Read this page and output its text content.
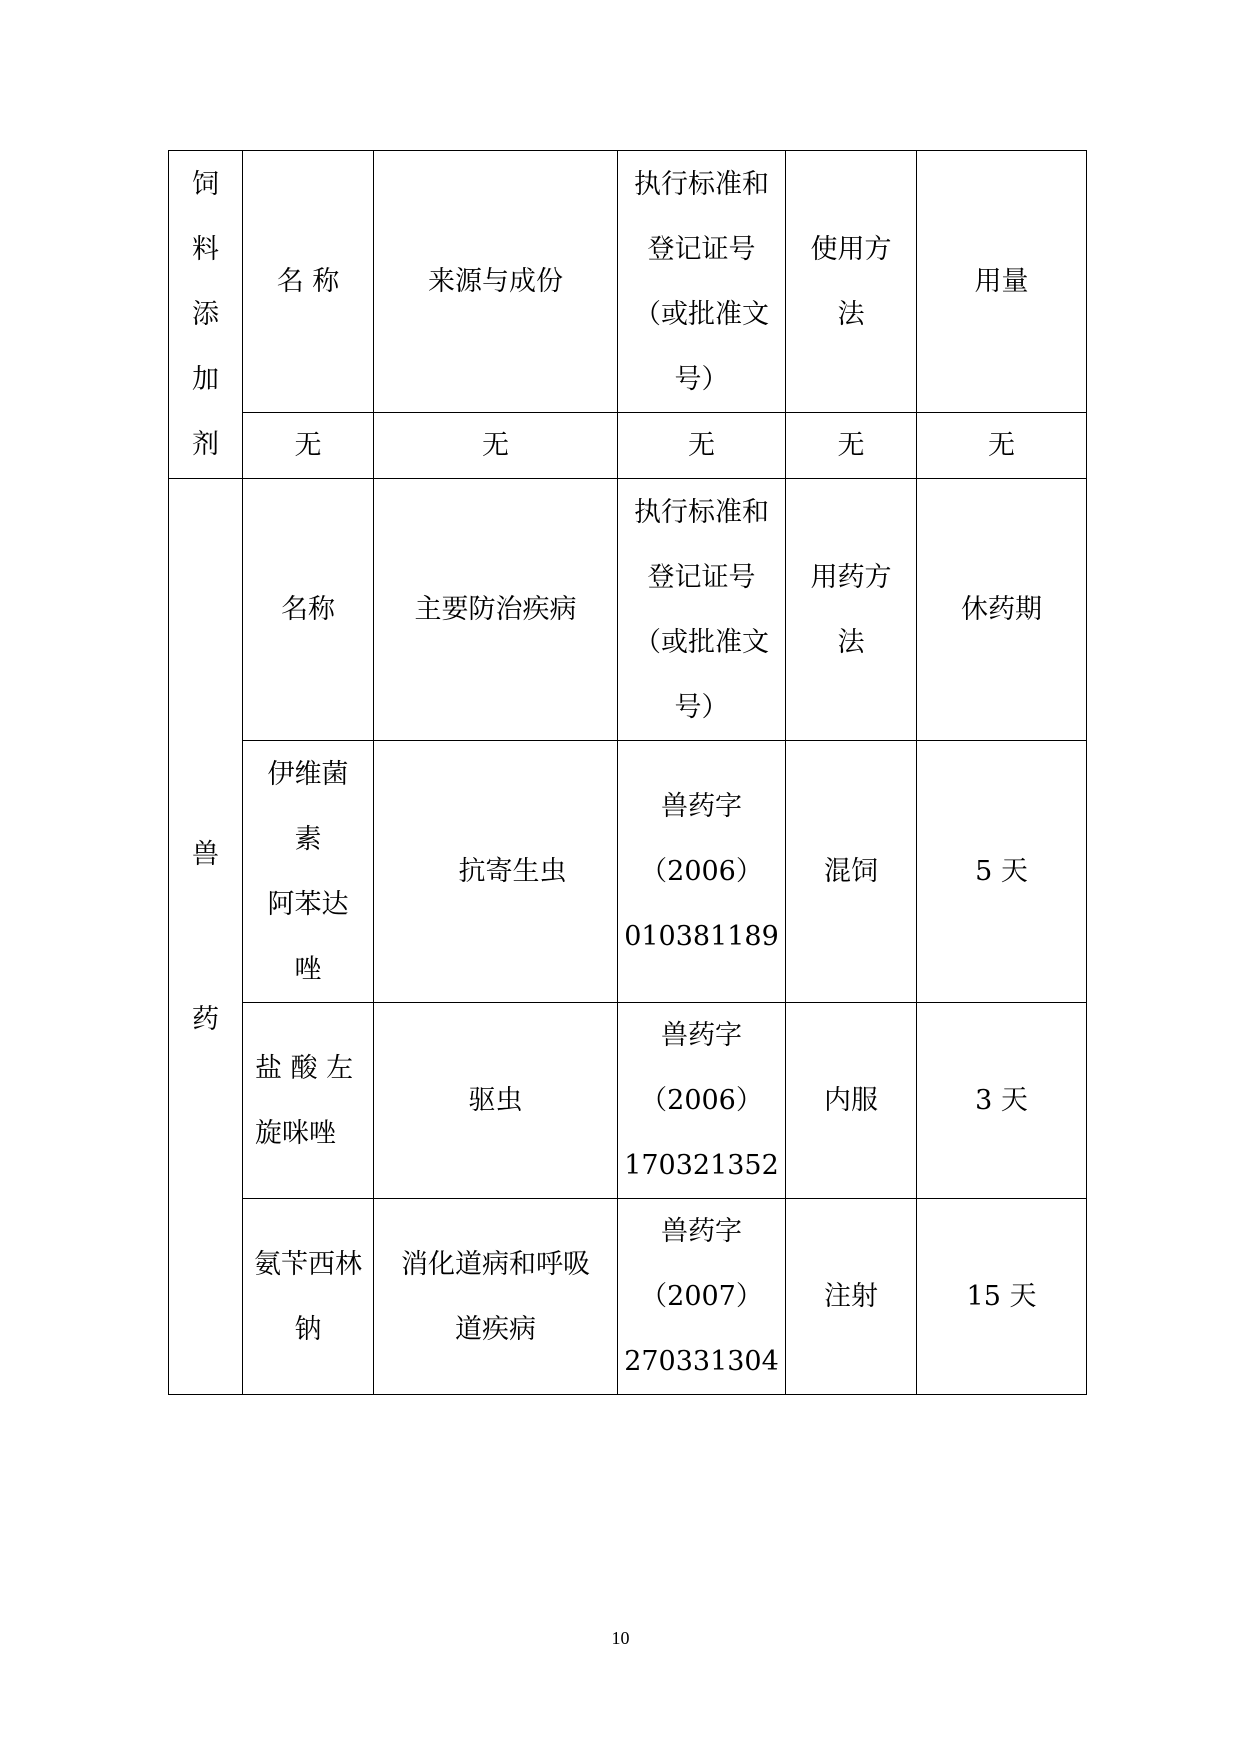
饲
料
添
加
剂	名 称	来源与成份	执行标准和
登记证号
（或批准文
号）	使用方
法	用量
	无	无	无	无	无

兽
药	名称	主要防治疾病	执行标准和
登记证号
（或批准文
号）	用药方
法	休药期

	伊维菌
素
阿苯达
唑	抗寄生虫	兽药字
（2006）
010381189	混饲	5 天

	盐 酸 左
旋咪唑	驱虫	兽药字
（2006）
170321352	内服	3 天

	氨苄西林
钠	消化道病和呼吸
道疾病	兽药字
（2007）
270331304	注射	15 天
10
